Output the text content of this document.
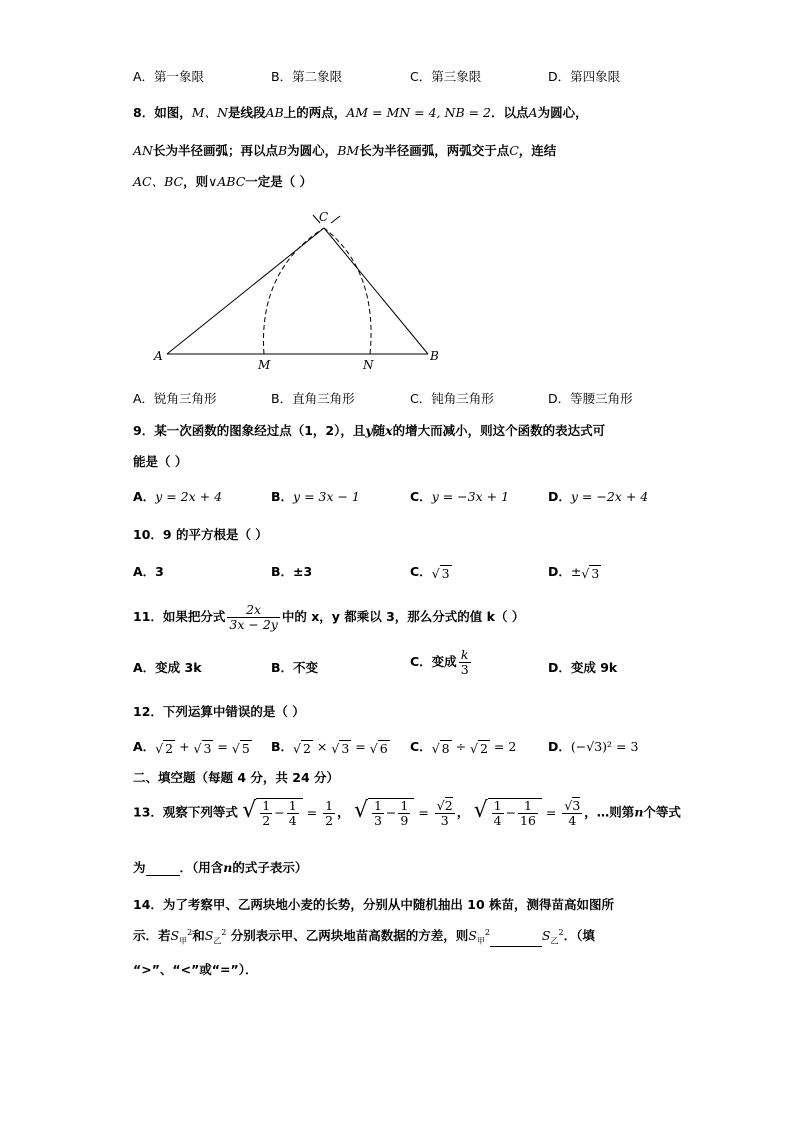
A．第一象限	B．第二象限	C．第三象限	D．第四象限
8．如图，M、N是线段AB上的两点，AM = MN = 4, NB = 2．以点A为圆心，
AN长为半径画弧；再以点B为圆心，BM长为半径画弧，两弧交于点C，连结
AC、BC，则∨ABC一定是（ ）
A	B
C
M	N
A．锐角三角形	B．直角三角形	C．钝角三角形	D．等腰三角形
9．某一次函数的图象经过点（1，2），且y随x的增大而减小，则这个函数的表达式可
能是（ ）
A．y = 2x + 4	B．y = 3x − 1	C．y = −3x + 1	D．y = −2x + 4
10．9 的平方根是（ ）
A．3	B．±3	C．√ 3	D．±√ 3
11．如果把分式 $\frac{2x}{3x - 2y}$ 中的 x，y 都乘以 3，那么分式的值 k（ ）
A．变成 3k	B．不变	C．变成 $\frac{k}{3}$	D．变成 9k
12．下列运算中错误的是（ ）
A．√ 2 + √ 3 = √ 5 B．√ 2 × √ 3 = √ 6 C．√ 8 ÷ √ 2 = 2	D．(−√3)² = 3
二、填空题（每题 4 分，共 24 分）
13．观察下列等式 √ $\frac{1}{2} - \frac{1}{4} = \frac{1}{2}$ ， √ $\frac{1}{3} - \frac{1}{9} = \frac{√2}{3}$ ， √ $\frac{1}{4} - \frac{1}{16} = \frac{√3}{4}$ ，…则第n个等式
为	．（用含n的式子表示）
14．为了考察甲、乙两块地小麦的长势，分别从中随机抽出 10 株苗，测得苗高如图所
示．若$S_甲^2$和$S_乙^2$ 分别表示甲、乙两块地苗高数据的方差，则$S_甲^2$	$S_乙^2$．（填
“>”、“<”或“=”）．
